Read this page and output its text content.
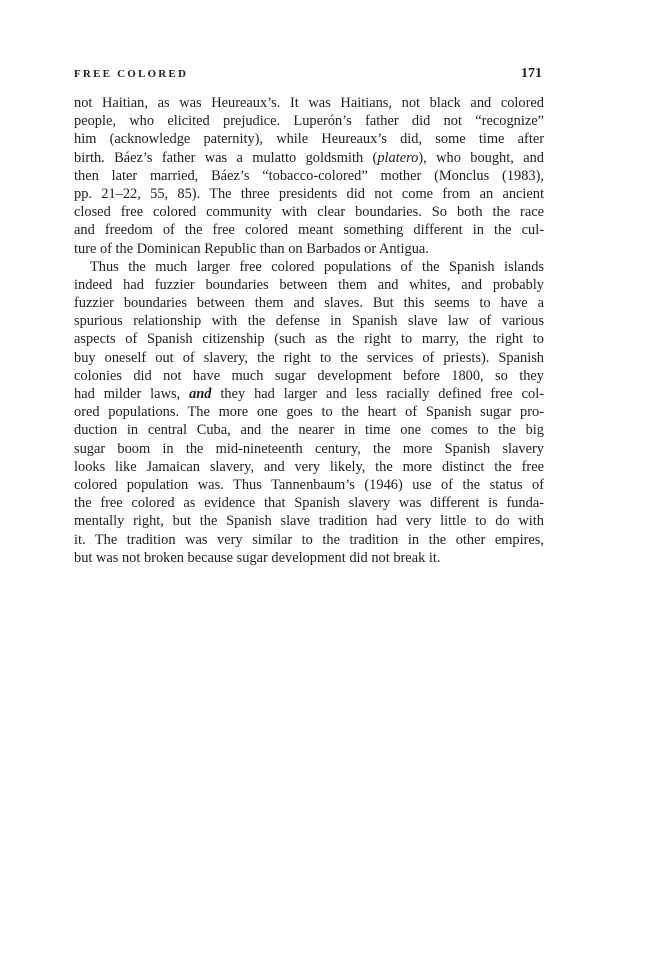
FREE COLORED	171
not Haitian, as was Heureaux’s. It was Haitians, not black and colored
people, who elicited prejudice. Luperón’s father did not “recognize”
him (acknowledge paternity), while Heureaux’s did, some time after
birth. Báez’s father was a mulatto goldsmith (platero), who bought, and
then later married, Báez’s “tobacco-colored” mother (Monclus (1983),
pp. 21–22, 55, 85). The three presidents did not come from an ancient
closed free colored community with clear boundaries. So both the race
and freedom of the free colored meant something different in the cul-
ture of the Dominican Republic than on Barbados or Antigua.
Thus the much larger free colored populations of the Spanish islands
indeed had fuzzier boundaries between them and whites, and probably
fuzzier boundaries between them and slaves. But this seems to have a
spurious relationship with the defense in Spanish slave law of various
aspects of Spanish citizenship (such as the right to marry, the right to
buy oneself out of slavery, the right to the services of priests). Spanish
colonies did not have much sugar development before 1800, so they
had milder laws, and they had larger and less racially defined free col-
ored populations. The more one goes to the heart of Spanish sugar pro-
duction in central Cuba, and the nearer in time one comes to the big
sugar boom in the mid-nineteenth century, the more Spanish slavery
looks like Jamaican slavery, and very likely, the more distinct the free
colored population was. Thus Tannenbaum’s (1946) use of the status of
the free colored as evidence that Spanish slavery was different is funda-
mentally right, but the Spanish slave tradition had very little to do with
it. The tradition was very similar to the tradition in the other empires,
but was not broken because sugar development did not break it.
